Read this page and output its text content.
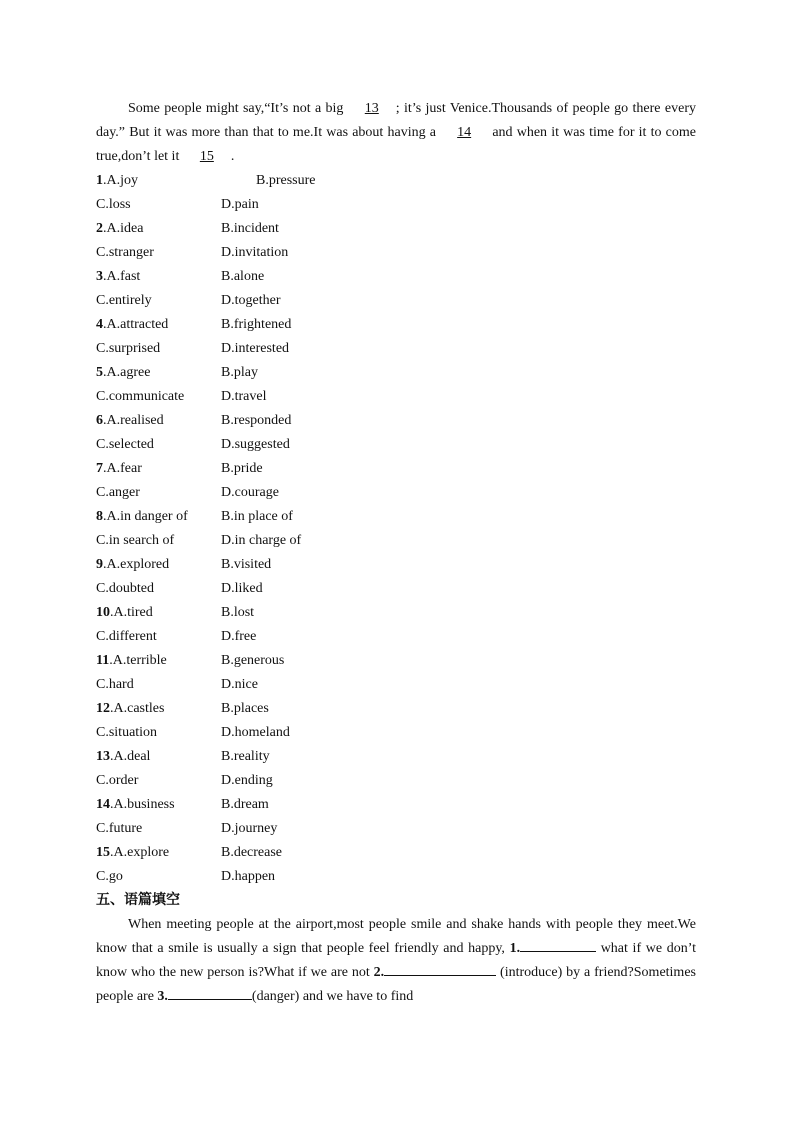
Some people might say,“It’s not a big 13 ; it’s just Venice.Thousands of people go there every day.” But it was more than that to me.It was about having a 14 and when it was time for it to come true,don’t let it 15 .
1.A.joy	B.pressure
C.loss	D.pain
2.A.idea	B.incident
C.stranger	D.invitation
3.A.fast	B.alone
C.entirely	D.together
4.A.attracted	B.frightened
C.surprised	D.interested
5.A.agree	B.play
C.communicate	D.travel
6.A.realised	B.responded
C.selected	D.suggested
7.A.fear	B.pride
C.anger	D.courage
8.A.in danger of B.in place of
C.in search of	D.in charge of
9.A.explored	B.visited
C.doubted	D.liked
10.A.tired	B.lost
C.different	D.free
11.A.terrible	B.generous
C.hard	D.nice
12.A.castles	B.places
C.situation	D.homeland
13.A.deal	B.reality
C.order	D.ending
14.A.business	B.dream
C.future	D.journey
15.A.explore	B.decrease
C.go	D.happen
五、语篇填空
When meeting people at the airport,most people smile and shake hands with people they meet.We know that a smile is usually a sign that people feel friendly and happy, 1.	what if we don’t know who the new person is?What if we are not 2.	(introduce) by a friend?Sometimes people are 3.	(danger) and we have to find
